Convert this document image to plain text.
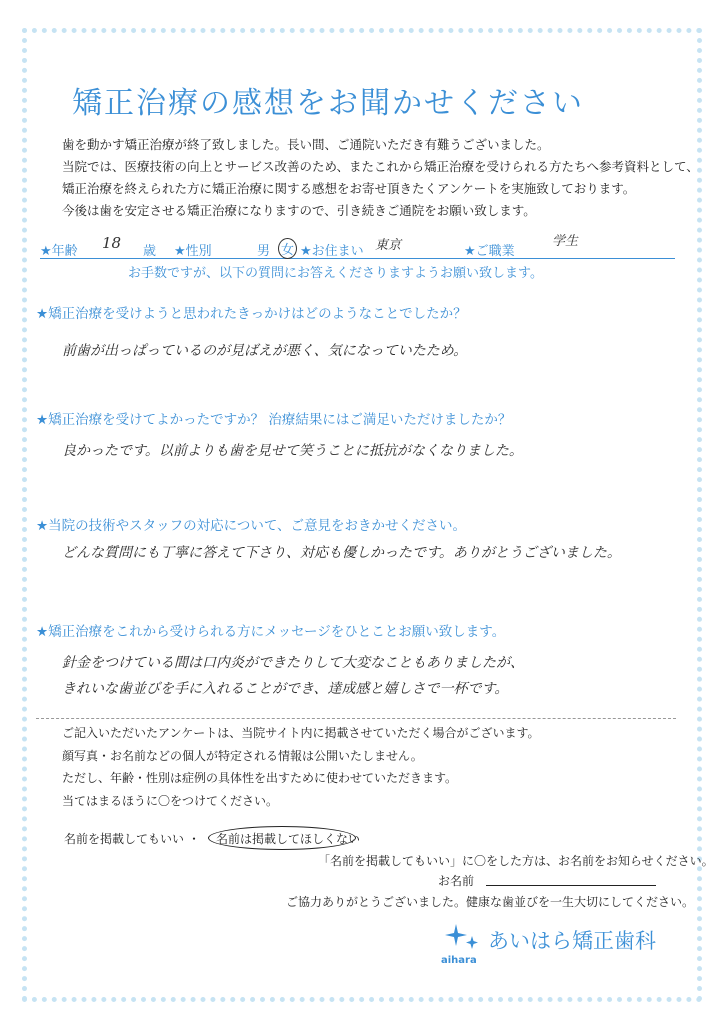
矯正治療の感想をお聞かせください
歯を動かす矯正治療が終了致しました。長い間、ご通院いただき有難うございました。
当院では、医療技術の向上とサービス改善のため、またこれから矯正治療を受けられる方たちへ参考資料として、
矯正治療を終えられた方に矯正治療に関する感想をお寄せ頂きたくアンケートを実施致しております。
今後は歯を安定させる矯正治療になりますので、引き続きご通院をお願い致します。
★年齢 18 歳 ★性別	男 女 ★お住まい 東京	★ご職業
学生
お手数ですが、以下の質問にお答えくださりますようお願い致します。
★矯正治療を受けようと思われたきっかけはどのようなことでしたか？
前歯が出っぱっているのが見ばえが悪く、気になっていたため。
★矯正治療を受けてよかったですか？ 治療結果にはご満足いただけましたか？
良かったです。以前よりも歯を見せて笑うことに抵抗がなくなりました。
★当院の技術やスタッフの対応について、ご意見をおきかせください。
どんな質問にも丁寧に答えて下さり、対応も優しかったです。ありがとうございました。
★矯正治療をこれから受けられる方にメッセージをひとことお願い致します。
針金をつけている間は口内炎ができたりして大変なこともありましたが、
きれいな歯並びを手に入れることができ、達成感と嬉しさで一杯です。
ご記入いただいたアンケートは、当院サイト内に掲載させていただく場合がございます。
顔写真・お名前などの個人が特定される情報は公開いたしません。
ただし、年齢・性別は症例の具体性を出すために使わせていただきます。
当てはまるほうに〇をつけてください。
名前を掲載してもいい ・ 名前は掲載してほしくない
「名前を掲載してもいい」に〇をした方は、お名前をお知らせください。
お名前
ご協力ありがとうございました。健康な歯並びを一生大切にしてください。
あいはら矯正歯科
aihara
